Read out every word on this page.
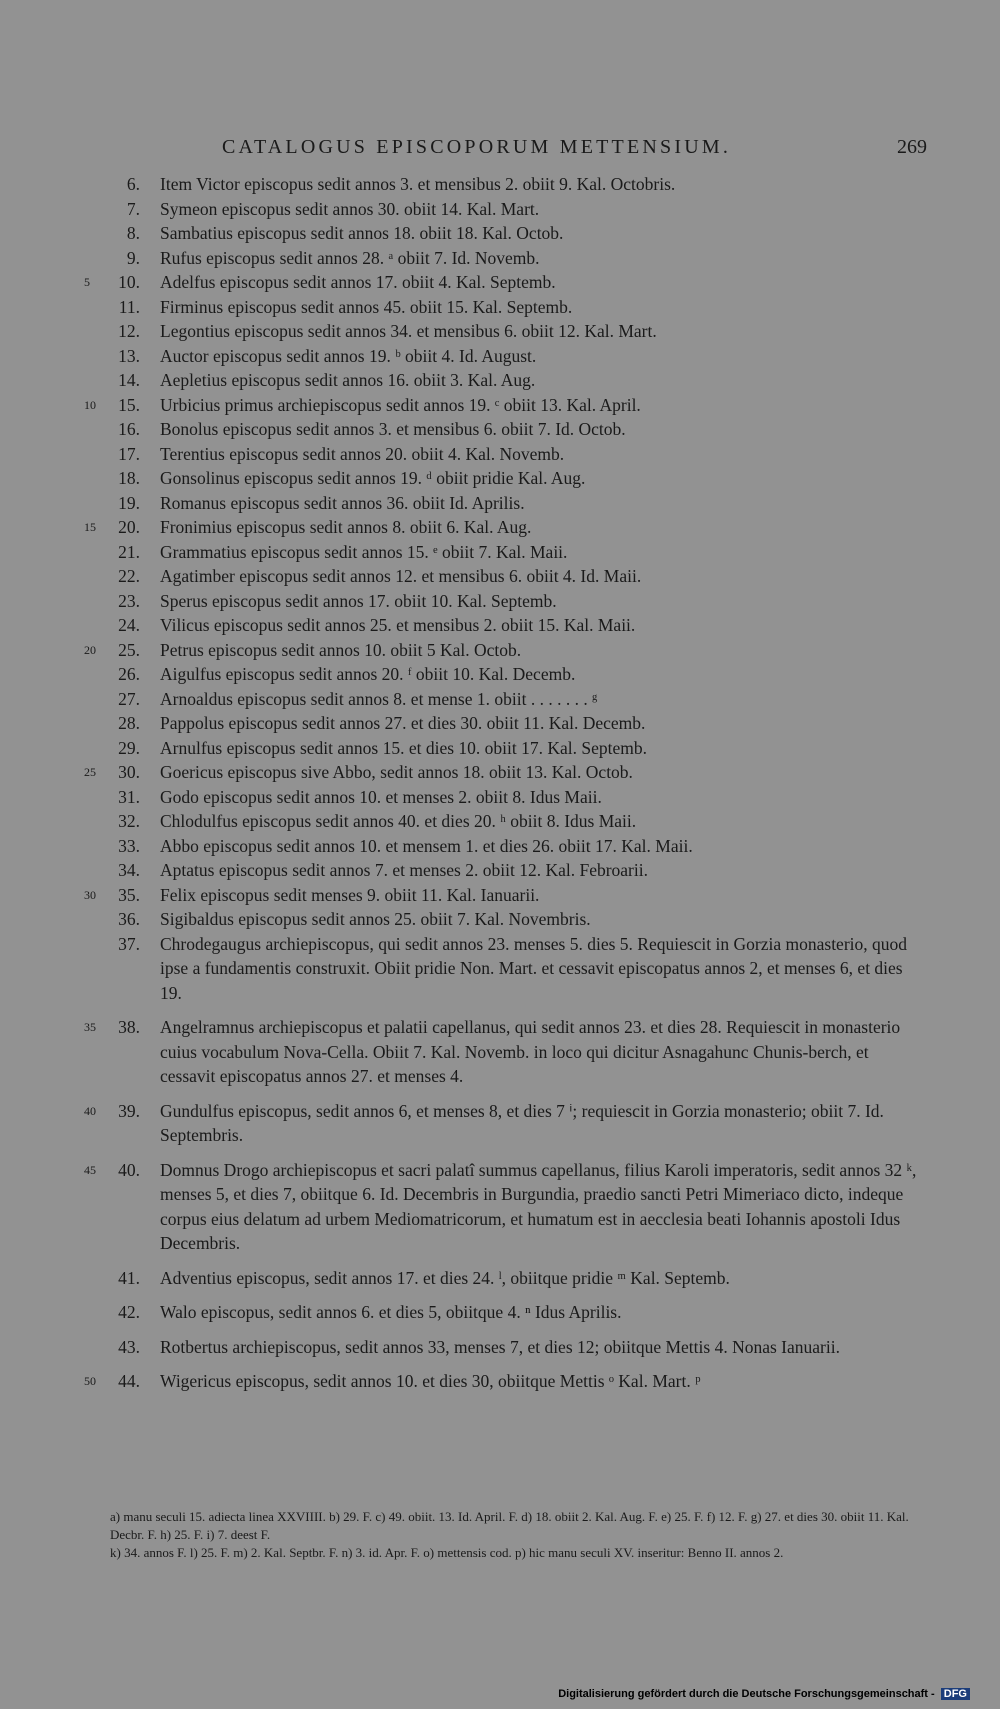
CATALOGUS EPISCOPORUM METTENSIUM.	269
6. Item Victor episcopus sedit annos 3. et mensibus 2. obiit 9. Kal. Octobris.
7. Symeon episcopus sedit annos 30. obiit 14. Kal. Mart.
8. Sambatius episcopus sedit annos 18. obiit 18. Kal. Octob.
9. Rufus episcopus sedit annos 28. ᵃ obiit 7. Id. Novemb.
5	10. Adelfus episcopus sedit annos 17. obiit 4. Kal. Septemb.
11. Firminus episcopus sedit annos 45. obiit 15. Kal. Septemb.
12. Legontius episcopus sedit annos 34. et mensibus 6. obiit 12. Kal. Mart.
13. Auctor episcopus sedit annos 19. ᵇ obiit 4. Id. August.
14. Aepletius episcopus sedit annos 16. obiit 3. Kal. Aug.
10	15. Urbicius primus archiepiscopus sedit annos 19. ᶜ obiit 13. Kal. April.
16. Bonolus episcopus sedit annos 3. et mensibus 6. obiit 7. Id. Octob.
17. Terentius episcopus sedit annos 20. obiit 4. Kal. Novemb.
18. Gonsolinus episcopus sedit annos 19. ᵈ obiit pridie Kal. Aug.
19. Romanus episcopus sedit annos 36. obiit Id. Aprilis.
15	20. Fronimius episcopus sedit annos 8. obiit 6. Kal. Aug.
21. Grammatius episcopus sedit annos 15. ᵉ obiit 7. Kal. Maii.
22. Agatimber episcopus sedit annos 12. et mensibus 6. obiit 4. Id. Maii.
23. Sperus episcopus sedit annos 17. obiit 10. Kal. Septemb.
24. Vilicus episcopus sedit annos 25. et mensibus 2. obiit 15. Kal. Maii.
20	25. Petrus episcopus sedit annos 10. obiit 5 Kal. Octob.
26. Aigulfus episcopus sedit annos 20. ᶠ obiit 10. Kal. Decemb.
27. Arnoaldus episcopus sedit annos 8. et mense 1. obiit . . . . . . . ᵍ
28. Pappolus episcopus sedit annos 27. et dies 30. obiit 11. Kal. Decemb.
29. Arnulfus episcopus sedit annos 15. et dies 10. obiit 17. Kal. Septemb.
25	30. Goericus episcopus sive Abbo, sedit annos 18. obiit 13. Kal. Octob.
31. Godo episcopus sedit annos 10. et menses 2. obiit 8. Idus Maii.
32. Chlodulfus episcopus sedit annos 40. et dies 20. ʰ obiit 8. Idus Maii.
33. Abbo episcopus sedit annos 10. et mensem 1. et dies 26. obiit 17. Kal. Maii.
34. Aptatus episcopus sedit annos 7. et menses 2. obiit 12. Kal. Febroarii.
30	35. Felix episcopus sedit menses 9. obiit 11. Kal. Ianuarii.
36. Sigibaldus episcopus sedit annos 25. obiit 7. Kal. Novembris.
37. Chrodegaugus archiepiscopus, qui sedit annos 23. menses 5. dies 5. Requiescit in Gorzia monasterio, quod ipse a fundamentis construxit. Obiit pridie Non. Mart. et cessavit episcopatus annos 2, et menses 6, et dies 19.
35	38. Angelramnus archiepiscopus et palatii capellanus, qui sedit annos 23. et dies 28. Requiescit in monasterio cuius vocabulum Nova-Cella. Obiit 7. Kal. Novemb. in loco qui dicitur Asnagahunc Chunis-berch, et cessavit episcopatus annos 27. et menses 4.
40	39. Gundulfus episcopus, sedit annos 6, et menses 8, et dies 7 ⁱ; requiescit in Gorzia monasterio; obiit 7. Id. Septembris.
45	40. Domnus Drogo archiepiscopus et sacri palatî summus capellanus, filius Karoli imperatoris, sedit annos 32 ᵏ, menses 5, et dies 7, obiitque 6. Id. Decembris in Burgundia, praedio sancti Petri Mimeriaco dicto, indeque corpus eius delatum ad urbem Mediomatricorum, et humatum est in aecclesia beati Iohannis apostoli Idus Decembris.
41. Adventius episcopus, sedit annos 17. et dies 24. ˡ, obiitque pridie ᵐ Kal. Septemb.
42. Walo episcopus, sedit annos 6. et dies 5, obiitque 4. ⁿ Idus Aprilis.
43. Rotbertus archiepiscopus, sedit annos 33, menses 7, et dies 12; obiitque Mettis 4. Nonas Ianuarii.
50	44. Wigericus episcopus, sedit annos 10. et dies 30, obiitque Mettis ᵒ Kal. Mart. ᵖ
a) manu seculi 15. adiecta linea XXVIIII. b) 29. F. c) 49. obiit. 13. Id. April. F. d) 18. obiit 2. Kal. Aug. F. e) 25. F. f) 12. F. g) 27. et dies 30. obiit 11. Kal. Decbr. F. h) 25. F. i) 7. deest F.
k) 34. annos F. l) 25. F. m) 2. Kal. Septbr. F. n) 3. id. Apr. F. o) mettensis cod. p) hic manu seculi XV. inseritur: Benno II. annos 2.
Digitalisierung gefördert durch die Deutsche Forschungsgemeinschaft - DFG
